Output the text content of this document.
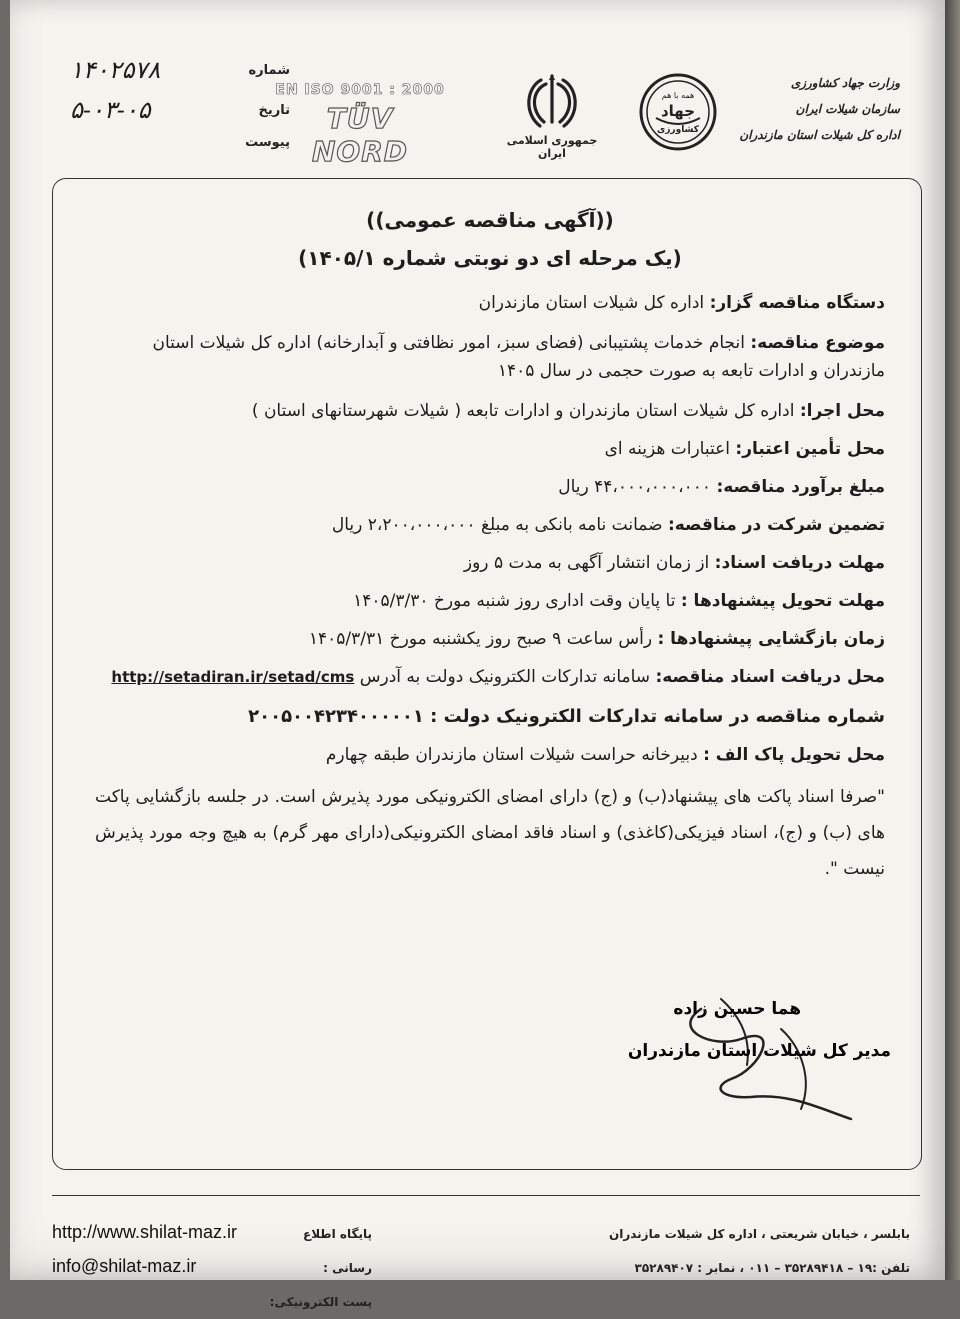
شماره
۱۴۰۲۵۷۸
تاریخ
۵-۰۳-۰۵
پیوست
EN ISO 9001 : 2000
TÜV NORD	جمهوری اسلامی ایران
همه با هم
جهاد
کشاورزی
وزارت جهاد کشاورزی
سازمان شیلات ایران
اداره کل شیلات استان مازندران
((آگهی مناقصه عمومی))
(یک مرحله ای دو نوبتی شماره ۱۴۰۵/۱)
دستگاه مناقصه گزار: اداره کل شیلات استان مازندران
موضوع مناقصه: انجام خدمات پشتیبانی (فضای سبز، امور نظافتی و آبدارخانه) اداره کل شیلات استان مازندران و ادارات تابعه به صورت حجمی در سال ۱۴۰۵
محل اجرا: اداره کل شیلات استان مازندران و ادارات تابعه ( شیلات شهرستانهای استان )
محل تأمین اعتبار: اعتبارات هزینه ای
مبلغ برآورد مناقصه: ۴۴،۰۰۰،۰۰۰،۰۰۰ ریال
تضمین شرکت در مناقصه: ضمانت نامه بانکی به مبلغ ۲،۲۰۰،۰۰۰،۰۰۰ ریال
مهلت دریافت اسناد: از زمان انتشار آگهی به مدت ۵ روز
مهلت تحویل پیشنهادها : تا پایان وقت اداری روز شنبه مورخ ۱۴۰۵/۳/۳۰
زمان بازگشایی پیشنهادها : رأس ساعت ۹ صبح روز یکشنبه مورخ ۱۴۰۵/۳/۳۱
محل دریافت اسناد مناقصه: سامانه تدارکات الکترونیک دولت به آدرس http://setadiran.ir/setad/cms
شماره مناقصه در سامانه تدارکات الکترونیک دولت : ۲۰۰۵۰۰۴۲۳۴۰۰۰۰۰۱
محل تحویل پاک الف : دبیرخانه حراست شیلات استان مازندران طبقه چهارم
"صرفا اسناد پاکت های پیشنهاد(ب) و (ج) دارای امضای الکترونیکی مورد پذیرش است. در جلسه بازگشایی پاکت های (ب) و (ج)، اسناد فیزیکی(کاغذی) و اسناد فاقد امضای الکترونیکی(دارای مهر گرم) به هیچ وجه مورد پذیرش نیست ".
هما حسین زاده
مدیر کل شیلات استان مازندران
بابلسر ، خیابان شریعتی ، اداره کل شیلات مازندران
تلفن :۱۹ – ۳۵۲۸۹۴۱۸ – ۰۱۱ ، نمابر : ۳۵۲۸۹۴۰۷
پایگاه اطلاع رسانی :
پست الکترونیکی:
http://www.shilat-maz.ir
info@shilat-maz.ir
